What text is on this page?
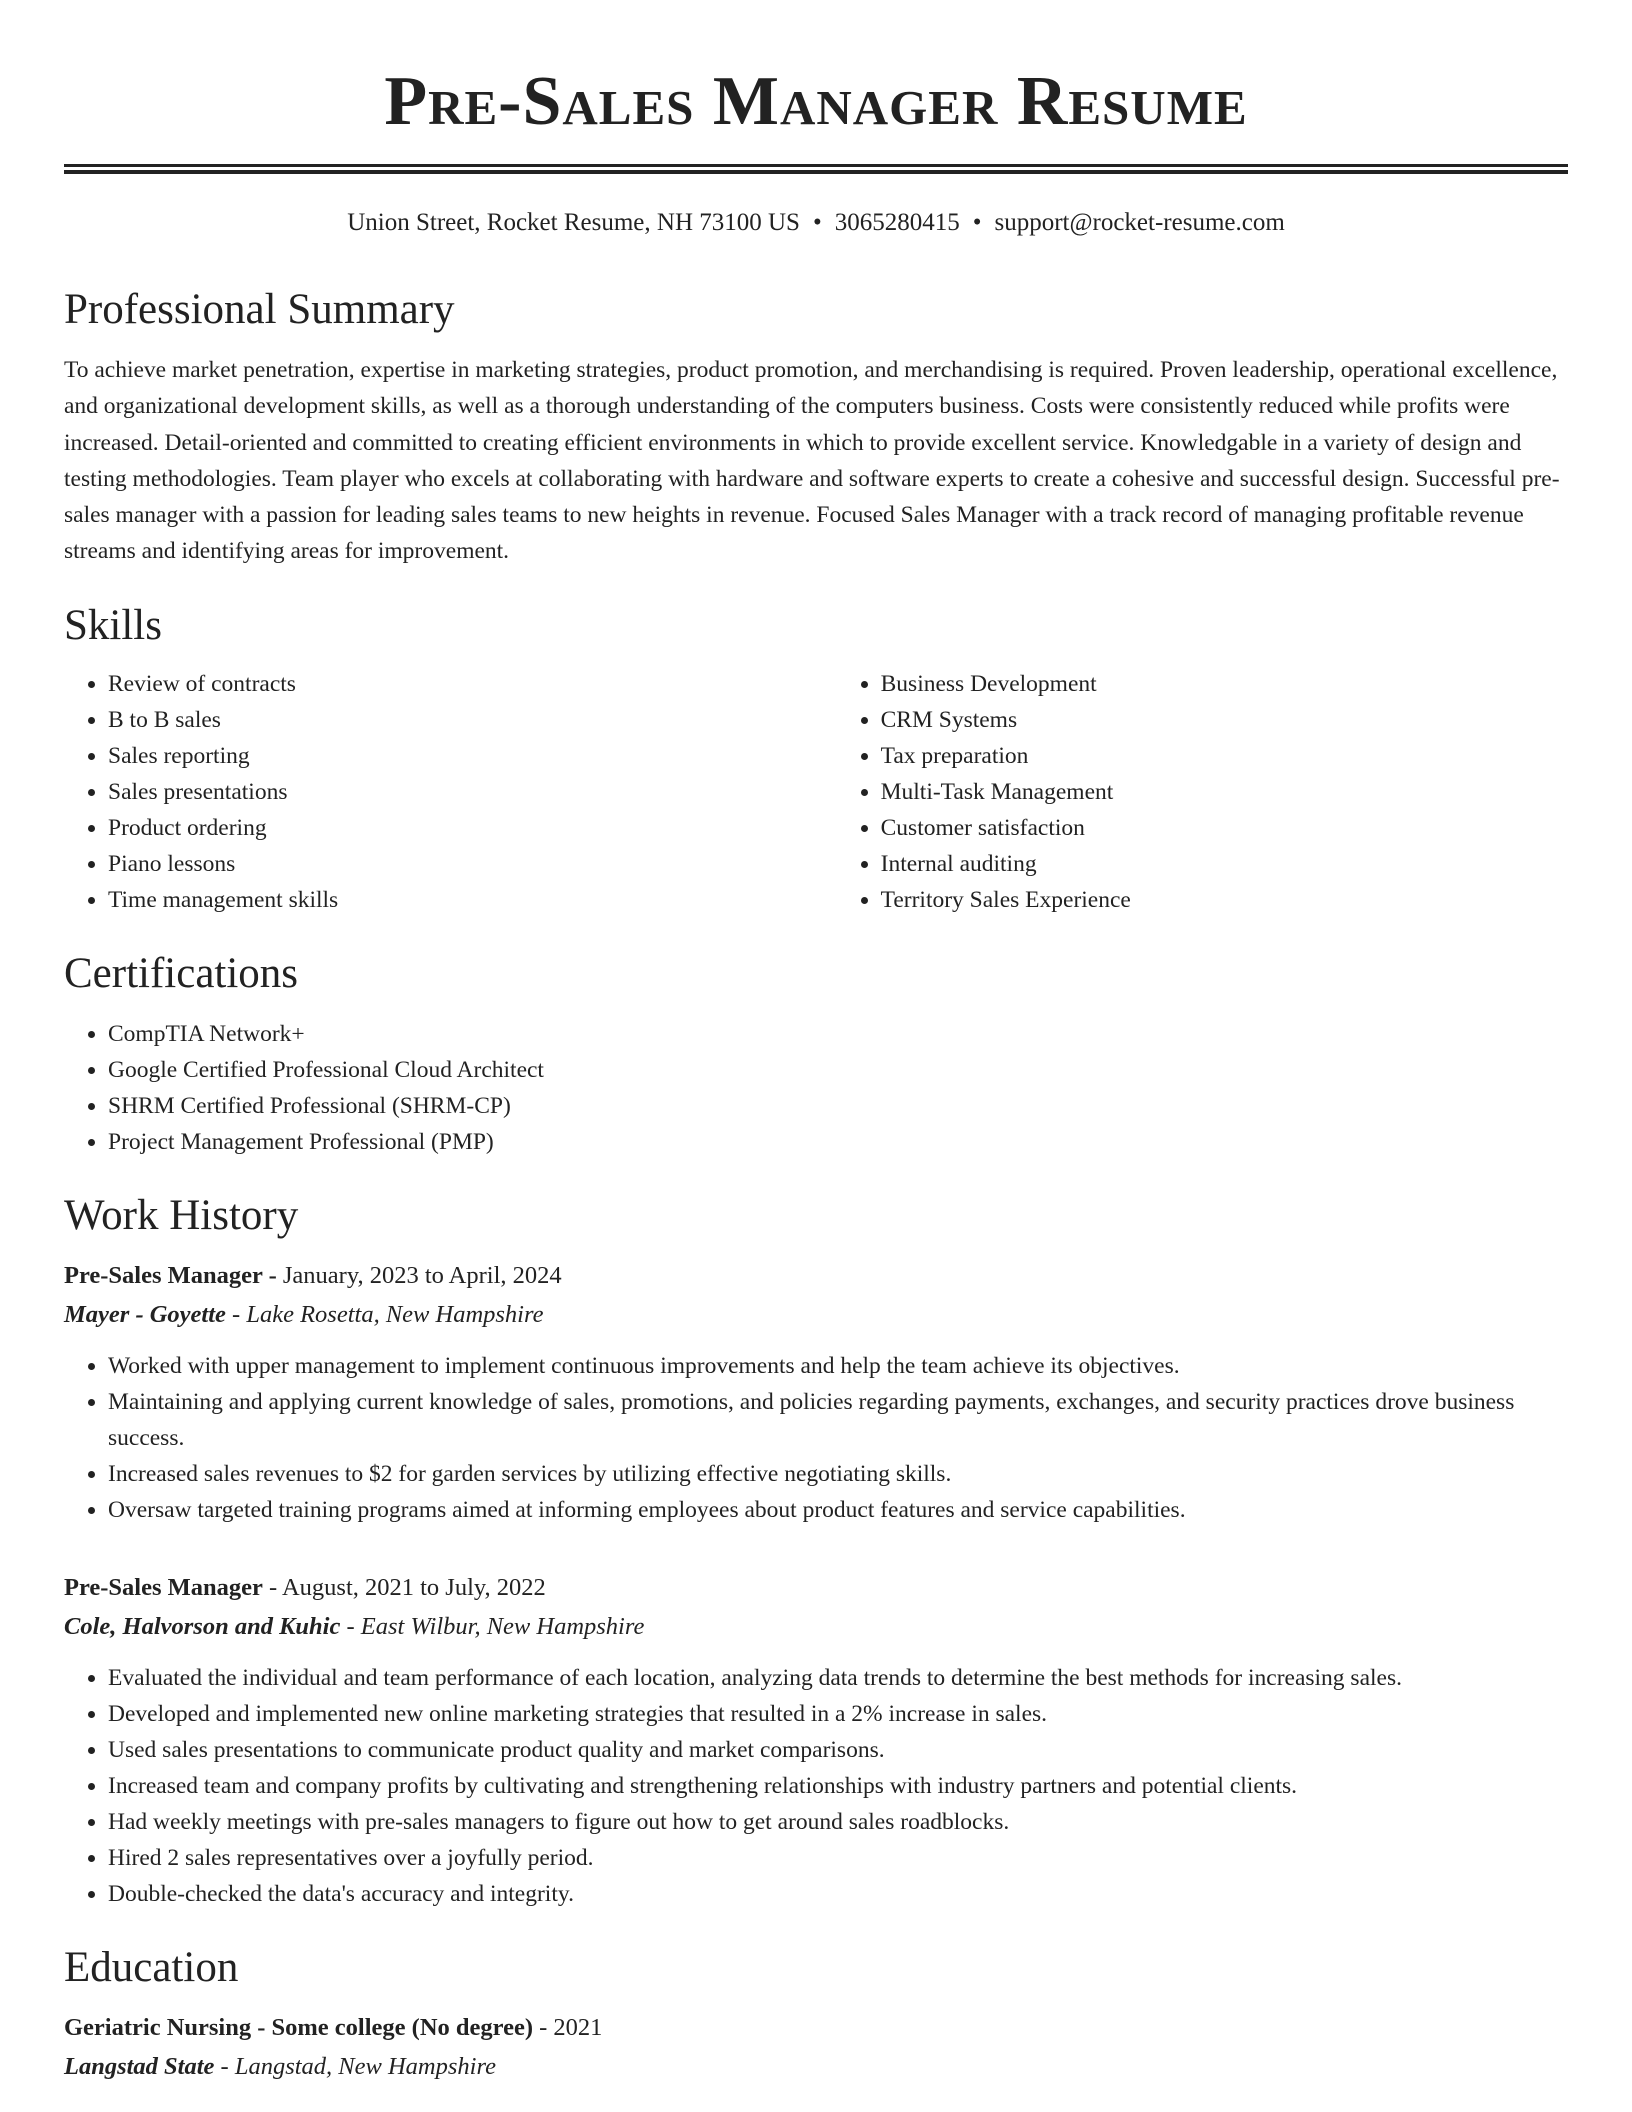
Pre-Sales Manager Resume
Union Street, Rocket Resume, NH 73100 US • 3065280415 • support@rocket-resume.com
Professional Summary

To achieve market penetration, expertise in marketing strategies, product promotion, and merchandising is required. Proven leadership, operational excellence, and organizational development skills, as well as a thorough understanding of the computers business. Costs were consistently reduced while profits were increased. Detail-oriented and committed to creating efficient environments in which to provide excellent service. Knowledgable in a variety of design and testing methodologies. Team player who excels at collaborating with hardware and software experts to create a cohesive and successful design. Successful pre-sales manager with a passion for leading sales teams to new heights in revenue. Focused Sales Manager with a track record of managing profitable revenue streams and identifying areas for improvement.

Skills
• Review of contracts
• B to B sales
• Sales reporting
• Sales presentations
• Product ordering
• Piano lessons
• Time management skills
• Business Development
• CRM Systems
• Tax preparation
• Multi-Task Management
• Customer satisfaction
• Internal auditing
• Territory Sales Experience
Certifications
• CompTIA Network+
• Google Certified Professional Cloud Architect
• SHRM Certified Professional (SHRM-CP)
• Project Management Professional (PMP)
Work History
Pre-Sales Manager - January, 2023 to April, 2024
Mayer - Goyette - Lake Rosetta, New Hampshire
• Worked with upper management to implement continuous improvements and help the team achieve its objectives.
• Maintaining and applying current knowledge of sales, promotions, and policies regarding payments, exchanges, and security practices drove business success.
• Increased sales revenues to $2 for garden services by utilizing effective negotiating skills.
• Oversaw targeted training programs aimed at informing employees about product features and service capabilities.
Pre-Sales Manager - August, 2021 to July, 2022
Cole, Halvorson and Kuhic - East Wilbur, New Hampshire
• Evaluated the individual and team performance of each location, analyzing data trends to determine the best methods for increasing sales.
• Developed and implemented new online marketing strategies that resulted in a 2% increase in sales.
• Used sales presentations to communicate product quality and market comparisons.
• Increased team and company profits by cultivating and strengthening relationships with industry partners and potential clients.
• Had weekly meetings with pre-sales managers to figure out how to get around sales roadblocks.
• Hired 2 sales representatives over a joyfully period.
• Double-checked the data's accuracy and integrity.
Education
Geriatric Nursing - Some college (No degree) - 2021
Langstad State - Langstad, New Hampshire
